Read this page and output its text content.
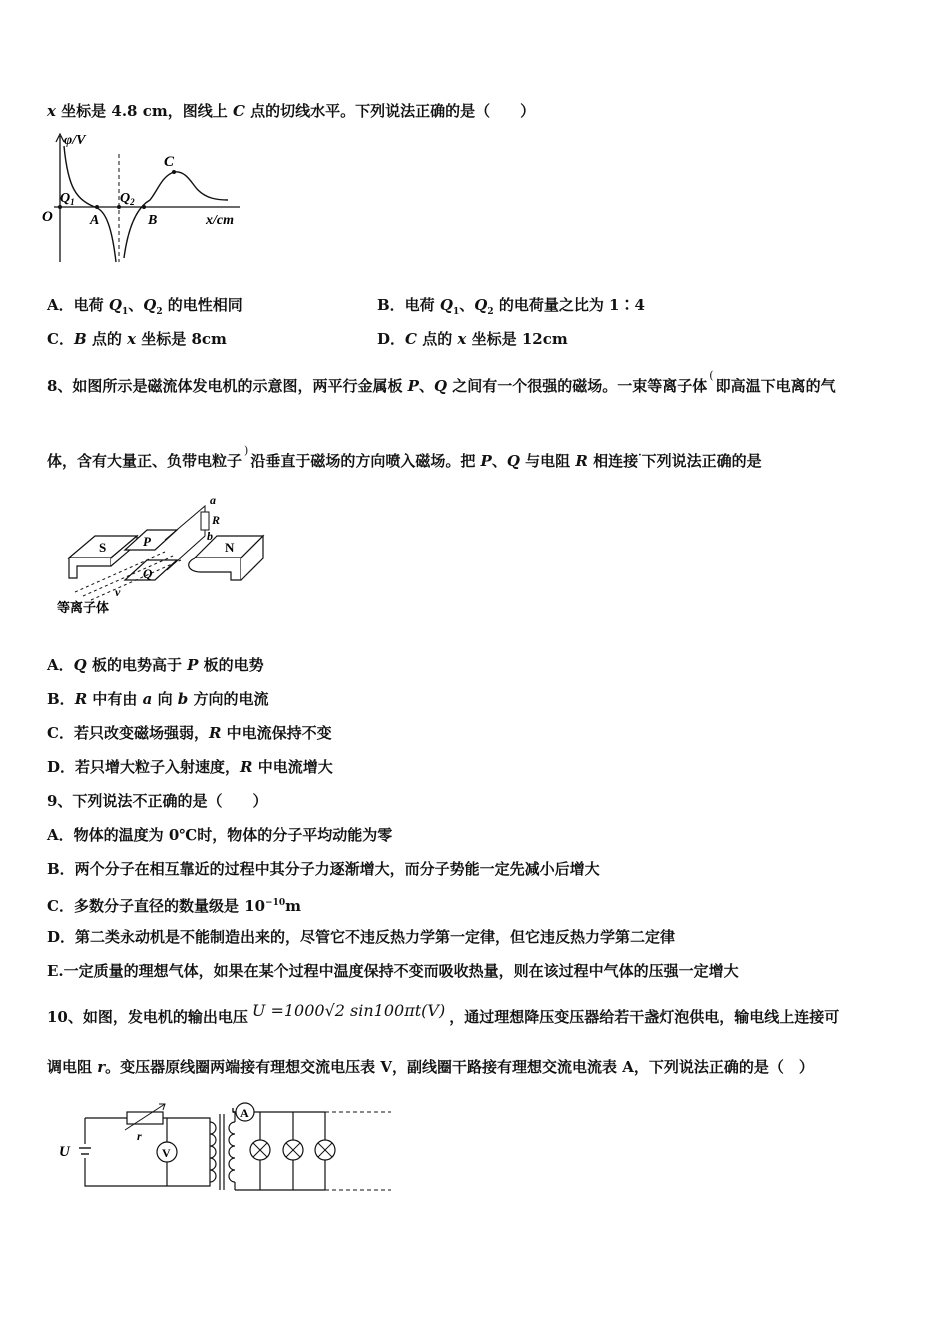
x 坐标是 4.8 cm，图线上 C 点的切线水平。下列说法正确的是（　　）
φ/V
O
$Q_1$
A
$Q_2$
B
C
x/cm
A．电荷 $Q_1$、$Q_2$ 的电性相同	B．电荷 $Q_1$、$Q_2$ 的电荷量之比为 1∶4
C．B 点的 x 坐标是 8cm	D．C 点的 x 坐标是 12cm
8、如图所示是磁流体发电机的示意图，两平行金属板 P、Q 之间有一个很强的磁场。一束等离子体(即高温下电离的气
体，含有大量正、负带电粒子)沿垂直于磁场的方向喷入磁场。把 P、Q 与电阻 R 相连接·下列说法正确的是
S	P
Q
N
a
R
b
v
等离子体
A．Q 板的电势高于 P 板的电势
B．R 中有由 a 向 b 方向的电流
C．若只改变磁场强弱，R 中电流保持不变
D．若只增大粒子入射速度，R 中电流增大
9、下列说法不正确的是（　　）
A．物体的温度为 0℃时，物体的分子平均动能为零
B．两个分子在相互靠近的过程中其分子力逐渐增大，而分子势能一定先减小后增大
C．多数分子直径的数量级是 $10^{-10}m$
D．第二类永动机是不能制造出来的，尽管它不违反热力学第一定律，但它违反热力学第二定律
E.一定质量的理想气体，如果在某个过程中温度保持不变而吸收热量，则在该过程中气体的压强一定增大
10、如图，发电机的输出电压 U =1000√2 sin100πt(V) ，通过理想降压变压器给若干盏灯泡供电，输电线上连接可
调电阻 r。变压器原线圈两端接有理想交流电压表 V，副线圈干路接有理想交流电流表 A，下列说法正确的是（　）
U
r
V
A
